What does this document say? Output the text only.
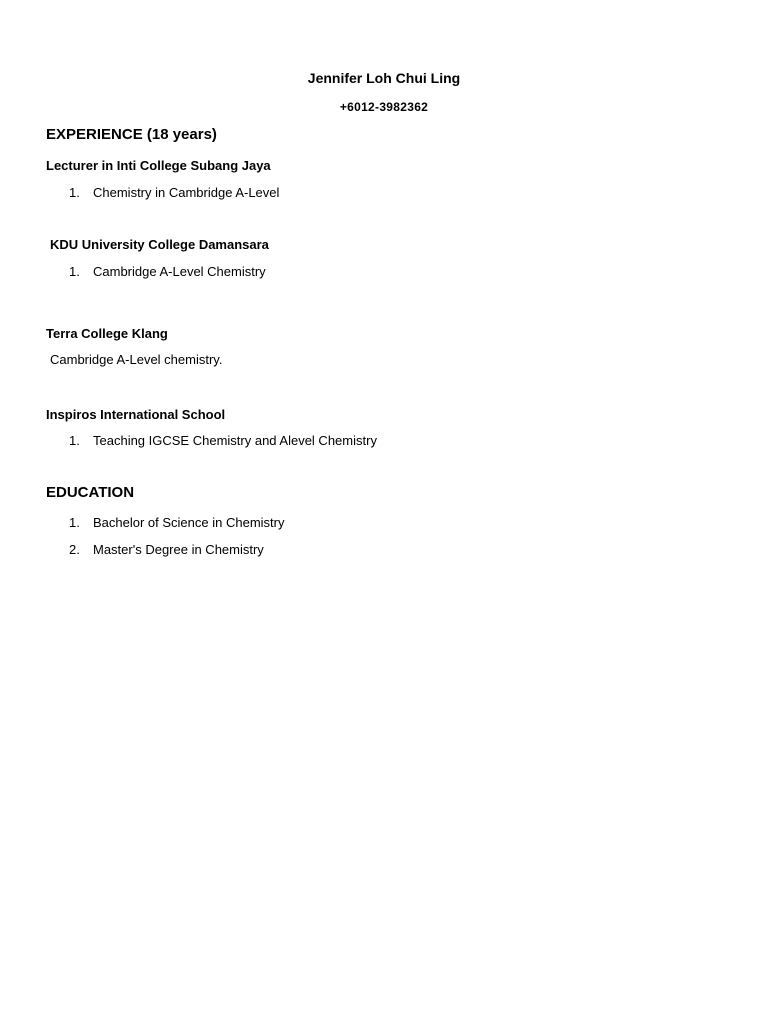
Jennifer Loh Chui Ling
+6012-3982362
EXPERIENCE (18 years)
Lecturer in Inti College Subang Jaya
1. Chemistry in Cambridge A-Level
KDU University College Damansara
1. Cambridge A-Level Chemistry
Terra College Klang
Cambridge A-Level chemistry.
Inspiros International School
1. Teaching IGCSE Chemistry and Alevel Chemistry
EDUCATION
1. Bachelor of Science in Chemistry
2. Master's Degree in Chemistry
